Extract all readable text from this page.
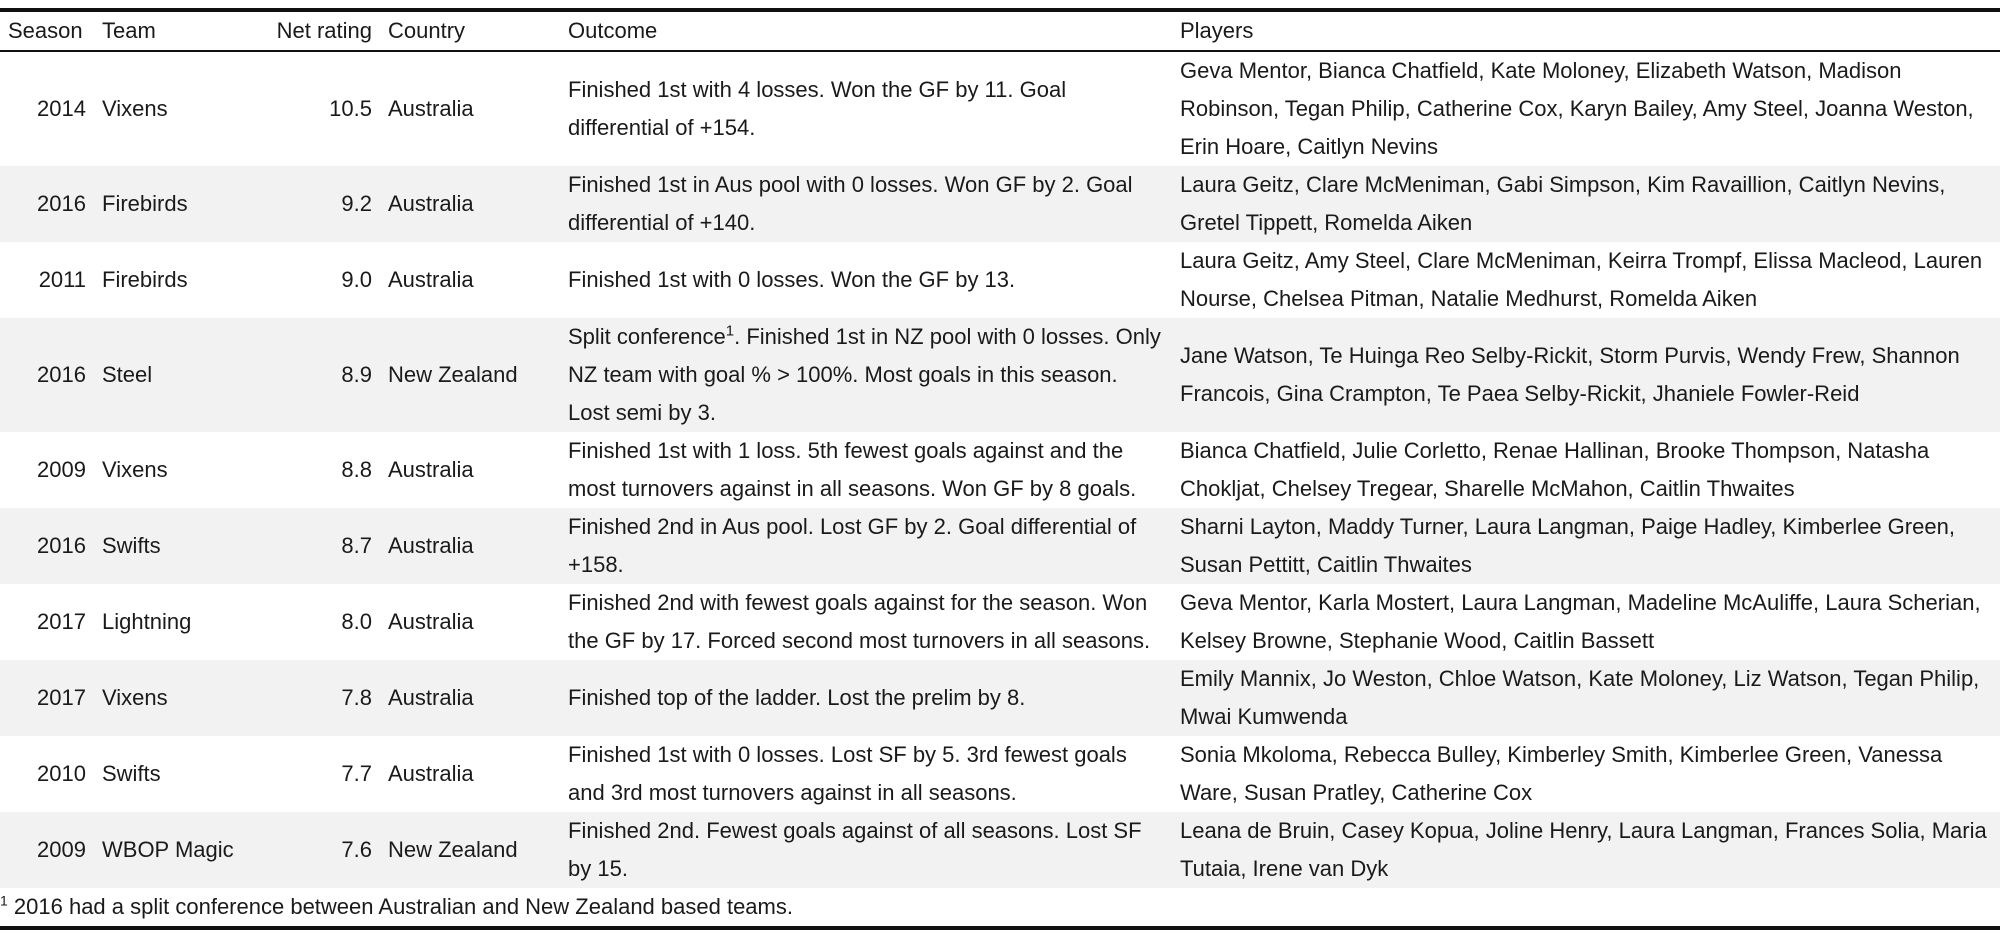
Season	Team	Net rating	Country	Outcome	Players
2014	Vixens	10.5	Australia	Finished 1st with 4 losses. Won the GF by 11. Goal differential of +154.	Geva Mentor, Bianca Chatfield, Kate Moloney, Elizabeth Watson, Madison Robinson, Tegan Philip, Catherine Cox, Karyn Bailey, Amy Steel, Joanna Weston, Erin Hoare, Caitlyn Nevins
2016	Firebirds	9.2	Australia	Finished 1st in Aus pool with 0 losses. Won GF by 2. Goal differential of +140.	Laura Geitz, Clare McMeniman, Gabi Simpson, Kim Ravaillion, Caitlyn Nevins, Gretel Tippett, Romelda Aiken
2011	Firebirds	9.0	Australia	Finished 1st with 0 losses. Won the GF by 13.	Laura Geitz, Amy Steel, Clare McMeniman, Keirra Trompf, Elissa Macleod, Lauren Nourse, Chelsea Pitman, Natalie Medhurst, Romelda Aiken
2016	Steel	8.9	New Zealand	Split conference$^1$. Finished 1st in NZ pool with 0 losses. Only NZ team with goal % > 100%. Most goals in this season. Lost semi by 3.	Jane Watson, Te Huinga Reo Selby-Rickit, Storm Purvis, Wendy Frew, Shannon Francois, Gina Crampton, Te Paea Selby-Rickit, Jhaniele Fowler-Reid
2009	Vixens	8.8	Australia	Finished 1st with 1 loss. 5th fewest goals against and the most turnovers against in all seasons. Won GF by 8 goals.	Bianca Chatfield, Julie Corletto, Renae Hallinan, Brooke Thompson, Natasha Chokljat, Chelsey Tregear, Sharelle McMahon, Caitlin Thwaites
2016	Swifts	8.7	Australia	Finished 2nd in Aus pool. Lost GF by 2. Goal differential of +158.	Sharni Layton, Maddy Turner, Laura Langman, Paige Hadley, Kimberlee Green, Susan Pettitt, Caitlin Thwaites
2017	Lightning	8.0	Australia	Finished 2nd with fewest goals against for the season. Won the GF by 17. Forced second most turnovers in all seasons.	Geva Mentor, Karla Mostert, Laura Langman, Madeline McAuliffe, Laura Scherian, Kelsey Browne, Stephanie Wood, Caitlin Bassett
2017	Vixens	7.8	Australia	Finished top of the ladder. Lost the prelim by 8.	Emily Mannix, Jo Weston, Chloe Watson, Kate Moloney, Liz Watson, Tegan Philip, Mwai Kumwenda
2010	Swifts	7.7	Australia	Finished 1st with 0 losses. Lost SF by 5. 3rd fewest goals and 3rd most turnovers against in all seasons.	Sonia Mkoloma, Rebecca Bulley, Kimberley Smith, Kimberlee Green, Vanessa Ware, Susan Pratley, Catherine Cox
2009	WBOP Magic	7.6	New Zealand	Finished 2nd. Fewest goals against of all seasons. Lost SF by 15.	Leana de Bruin, Casey Kopua, Joline Henry, Laura Langman, Frances Solia, Maria Tutaia, Irene van Dyk
$^1$ 2016 had a split conference between Australian and New Zealand based teams.
